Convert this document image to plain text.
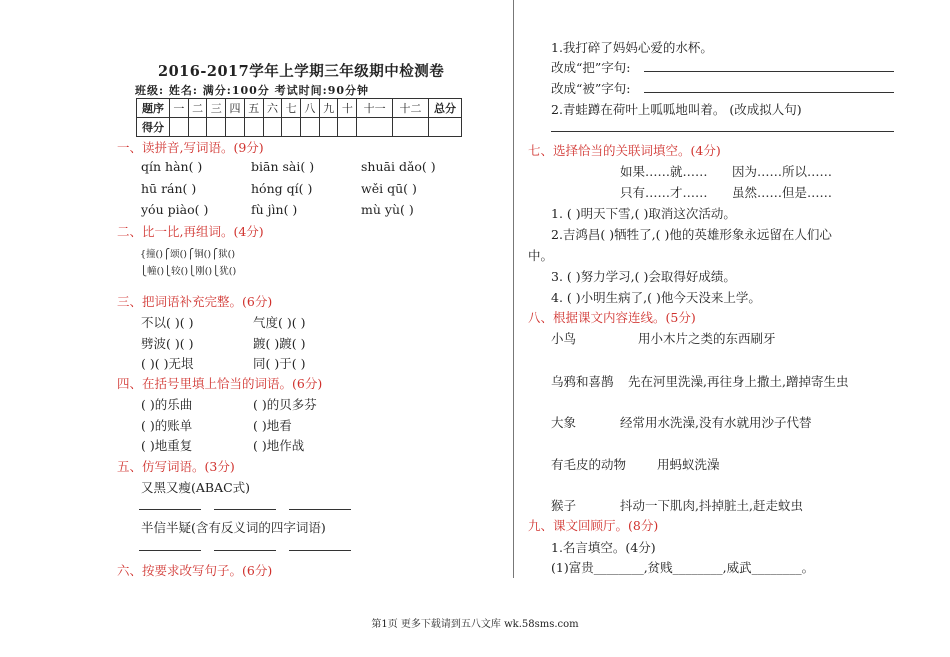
2016-2017学年上学期三年级期中检测卷
班级: 姓名: 满分:100分 考试时间:90分钟
题序	一	二	三	四	五	六	七	八	九	十	十一	十二	总分
得分													
一、读拼音,写词语。(9分)
qín hàn( )	biān sài( )	shuāi dǎo( )
hū rán( )	hóng qí( )	wěi qū( )
yóu piào( )	fù jìn( )	mù yù( )
二、比一比,再组词。(4分)
{撞()⎧颂()⎧铜()⎧狱()
⎩幢()⎩较()⎩刚()⎩犹()
三、把词语补充完整。(6分)
不以( )( )	气度( )( )
劈波( )( )	踱( )踱( )
( )( )无垠	同( )于( )
四、在括号里填上恰当的词语。(6分)
( )的乐曲	( )的贝多芬
( )的账单	( )地看
( )地重复	( )地作战
五、仿写词语。(3分)
又黑又瘦(ABAC式)
半信半疑(含有反义词的四字词语)
六、按要求改写句子。(6分)
1.我打碎了妈妈心爱的水杯。
改成“把”字句:
改成“被”字句:
2.青蛙蹲在荷叶上呱呱地叫着。 (改成拟人句)
七、选择恰当的关联词填空。(4分)
如果……就…… 因为……所以……
只有……才…… 虽然……但是……
1. ( )明天下雪,( )取消这次活动。
2.吉鸿昌( )牺牲了,( )他的英雄形象永远留在人们心
中。
3. ( )努力学习,( )会取得好成绩。
4. ( )小明生病了,( )他今天没来上学。
八、根据课文内容连线。(5分)
小鸟	用小木片之类的东西刷牙
乌鸦和喜鹊 先在河里洗澡,再往身上撒土,蹭掉寄生虫
大象	经常用水洗澡,没有水就用沙子代替
有毛皮的动物 用蚂蚁洗澡
猴子	抖动一下肌肉,抖掉脏土,赶走蚊虫
九、课文回顾厅。(8分)
1.名言填空。(4分)
(1)富贵________,贫贱________,威武________。
第1页 更多下载请到五八文库 wk.58sms.com
